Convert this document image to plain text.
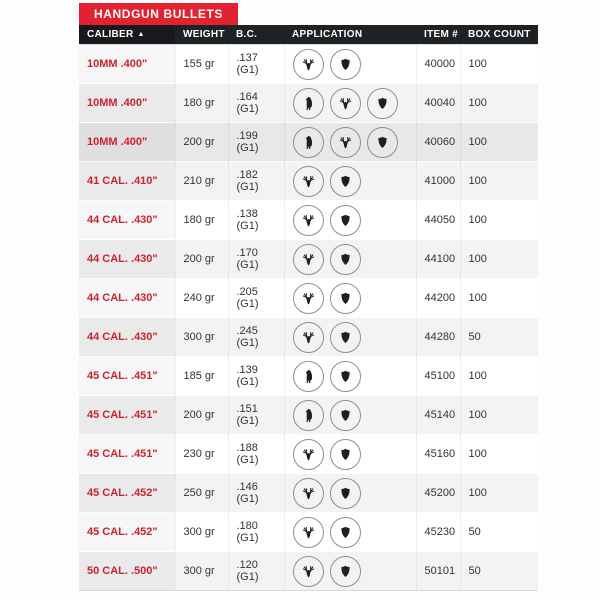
HANDGUN BULLETS
CALIBER ▲	WEIGHT	B.C.	APPLICATION	ITEM #	BOX COUNT
10MM .400"	155 gr	.137 (G1)		40000	100
10MM .400"	180 gr	.164 (G1)		40040	100
10MM .400"	200 gr	.199 (G1)		40060	100
41 CAL. .410"	210 gr	.182 (G1)		41000	100
44 CAL. .430"	180 gr	.138 (G1)		44050	100
44 CAL. .430"	200 gr	.170 (G1)		44100	100
44 CAL. .430"	240 gr	.205 (G1)		44200	100
44 CAL. .430"	300 gr	.245 (G1)		44280	50
45 CAL. .451"	185 gr	.139 (G1)		45100	100
45 CAL. .451"	200 gr	.151 (G1)		45140	100
45 CAL. .451"	230 gr	.188 (G1)		45160	100
45 CAL. .452"	250 gr	.146 (G1)		45200	100
45 CAL. .452"	300 gr	.180 (G1)		45230	50
50 CAL. .500"	300 gr	.120 (G1)		50101	50
